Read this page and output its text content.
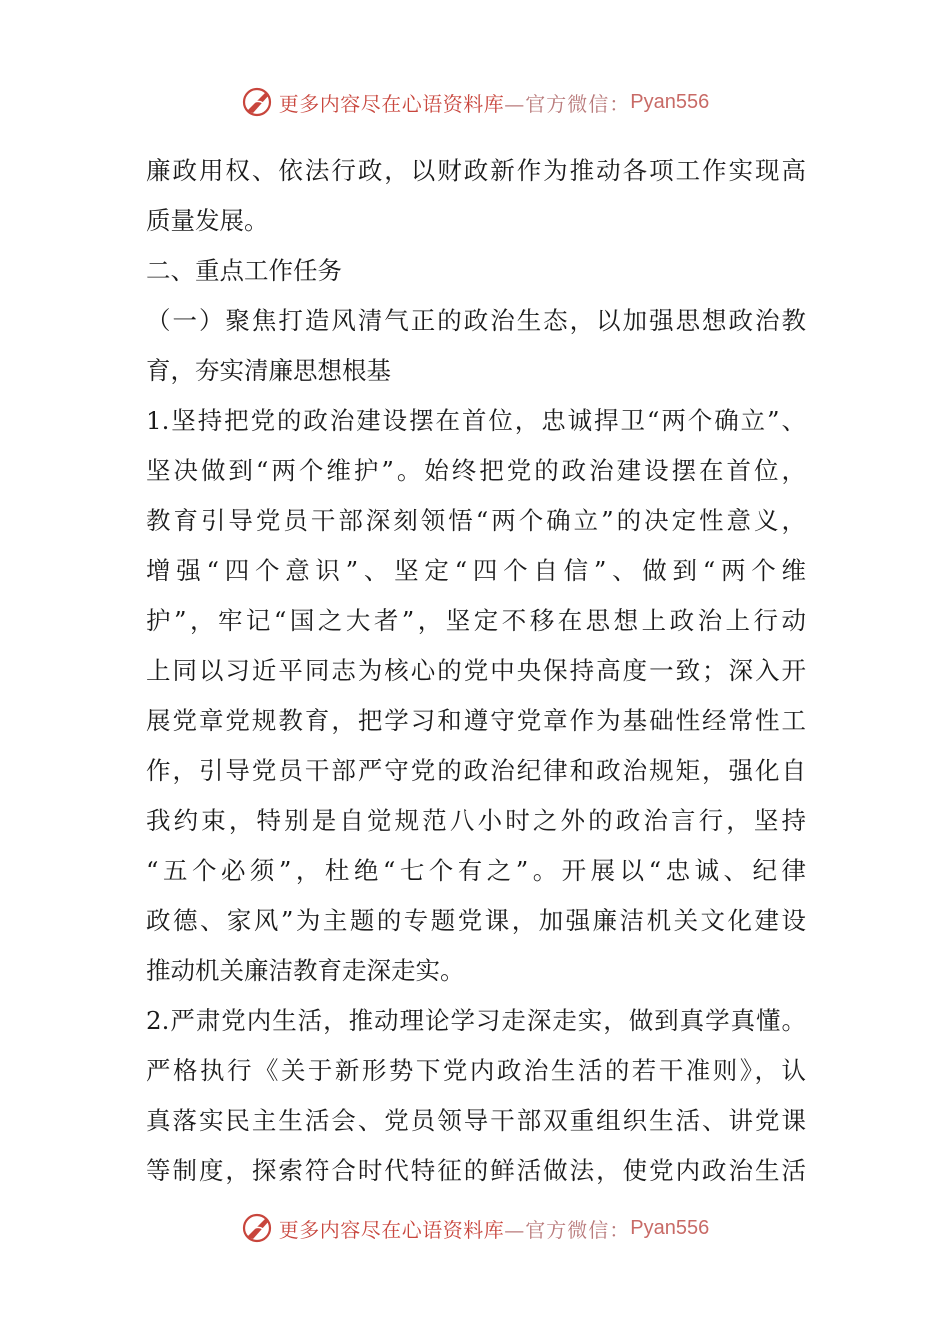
更多内容尽在心语资料库 —官方微信： Pyan556
廉政用权、依法行政，以财政新作为推动各项工作实现高
质量发展。
二、重点工作任务
（一）聚焦打造风清气正的政治生态，以加强思想政治教
育，夯实清廉思想根基
1.坚持把党的政治建设摆在首位，忠诚捍卫“两个确立”、
坚决做到“两个维护”。始终把党的政治建设摆在首位，
教育引导党员干部深刻领悟“两个确立”的决定性意义，
增强“四个意识”、坚定“四个自信”、做到“两个维
护”，牢记“国之大者”，坚定不移在思想上政治上行动
上同以习近平同志为核心的党中央保持高度一致；深入开
展党章党规教育，把学习和遵守党章作为基础性经常性工
作，引导党员干部严守党的政治纪律和政治规矩，强化自
我约束，特别是自觉规范八小时之外的政治言行，坚持
“五个必须”，杜绝“七个有之”。开展以“忠诚、纪律
政德、家风”为主题的专题党课，加强廉洁机关文化建设
推动机关廉洁教育走深走实。
2.严肃党内生活，推动理论学习走深走实，做到真学真懂。
严格执行《关于新形势下党内政治生活的若干准则》，认
真落实民主生活会、党员领导干部双重组织生活、讲党课
等制度，探索符合时代特征的鲜活做法，使党内政治生活
更多内容尽在心语资料库 —官方微信： Pyan556
